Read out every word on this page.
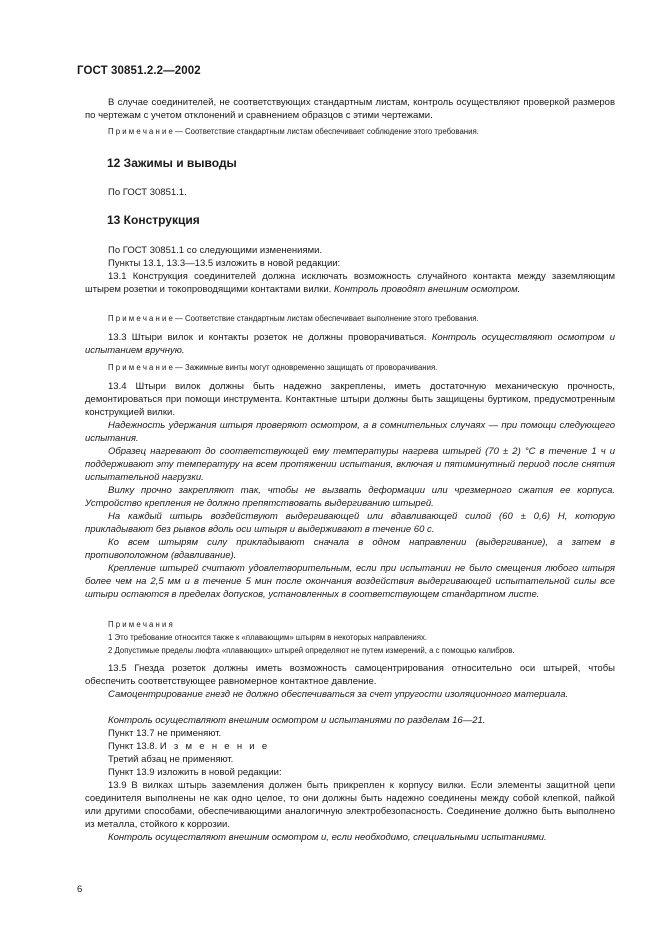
ГОСТ 30851.2.2—2002

В случае соединителей, не соответствующих стандартным листам, контроль осуществляют проверкой размеров по чертежам с учетом отклонений и сравнением образцов с этими чертежами.

П р и м е ч а н и е — Соответствие стандартным листам обеспечивает соблюдение этого требования.

12 Зажимы и выводы

По ГОСТ 30851.1.

13 Конструкция

По ГОСТ 30851.1 со следующими изменениями.

Пункты 13.1, 13.3—13.5 изложить в новой редакции:

13.1 Конструкция соединителей должна исключать возможность случайного контакта между заземляющим штырем розетки и токопроводящими контактами вилки. Контроль проводят внешним осмотром.

П р и м е ч а н и е — Соответствие стандартным листам обеспечивает выполнение этого требования.

13.3 Штыри вилок и контакты розеток не должны проворачиваться. Контроль осуществляют осмотром и испытанием вручную.

П р и м е ч а н и е — Зажимные винты могут одновременно защищать от проворачивания.

13.4 Штыри вилок должны быть надежно закреплены, иметь достаточную механическую прочность, демонтироваться при помощи инструмента. Контактные штыри должны быть защищены буртиком, предусмотренным конструкцией вилки.

Надежность удержания штыря проверяют осмотром, а в сомнительных случаях — при помощи следующего испытания.

Образец нагревают до соответствующей ему температуры нагрева штырей (70 ± 2) °С в течение 1 ч и поддерживают эту температуру на всем протяжении испытания, включая и пятиминутный период после снятия испытательной нагрузки.

Вилку прочно закрепляют так, чтобы не вызвать деформации или чрезмерного сжатия ее корпуса. Устройство крепления не должно препятствовать выдергиванию штырей.

На каждый штырь воздействуют выдергивающей или вдавливающей силой (60 ± 0,6) Н, которую прикладывают без рывков вдоль оси штыря и выдерживают в течение 60 с.

Ко всем штырям силу прикладывают сначала в одном направлении (выдергивание), а затем в противоположном (вдавливание).

Крепление штырей считают удовлетворительным, если при испытании не было смещения любого штыря более чем на 2,5 мм и в течение 5 мин после окончания воздействия выдергивающей испытательной силы все штыри остаются в пределах допусков, установленных в соответствующем стандартном листе.

П р и м е ч а н и я

1 Это требование относится также к «плавающим» штырям в некоторых направлениях.

2 Допустимые пределы люфта «плавающих» штырей определяют не путем измерений, а с помощью калибров.

13.5 Гнезда розеток должны иметь возможность самоцентрирования относительно оси штырей, чтобы обеспечить соответствующее равномерное контактное давление.

Самоцентрирование гнезд не должно обеспечиваться за счет упругости изоляционного материала.

Контроль осуществляют внешним осмотром и испытаниями по разделам 16—21.

Пункт 13.7 не применяют.

Пункт 13.8. И з м е н е н и е

Третий абзац не применяют.

Пункт 13.9 изложить в новой редакции:

13.9 В вилках штырь заземления должен быть прикреплен к корпусу вилки. Если элементы защитной цепи соединителя выполнены не как одно целое, то они должны быть надежно соединены между собой клепкой, пайкой или другими способами, обеспечивающими аналогичную электробезопасность. Соединение должно быть выполнено из металла, стойкого к коррозии.

Контроль осуществляют внешним осмотром и, если необходимо, специальными испытаниями.

6
